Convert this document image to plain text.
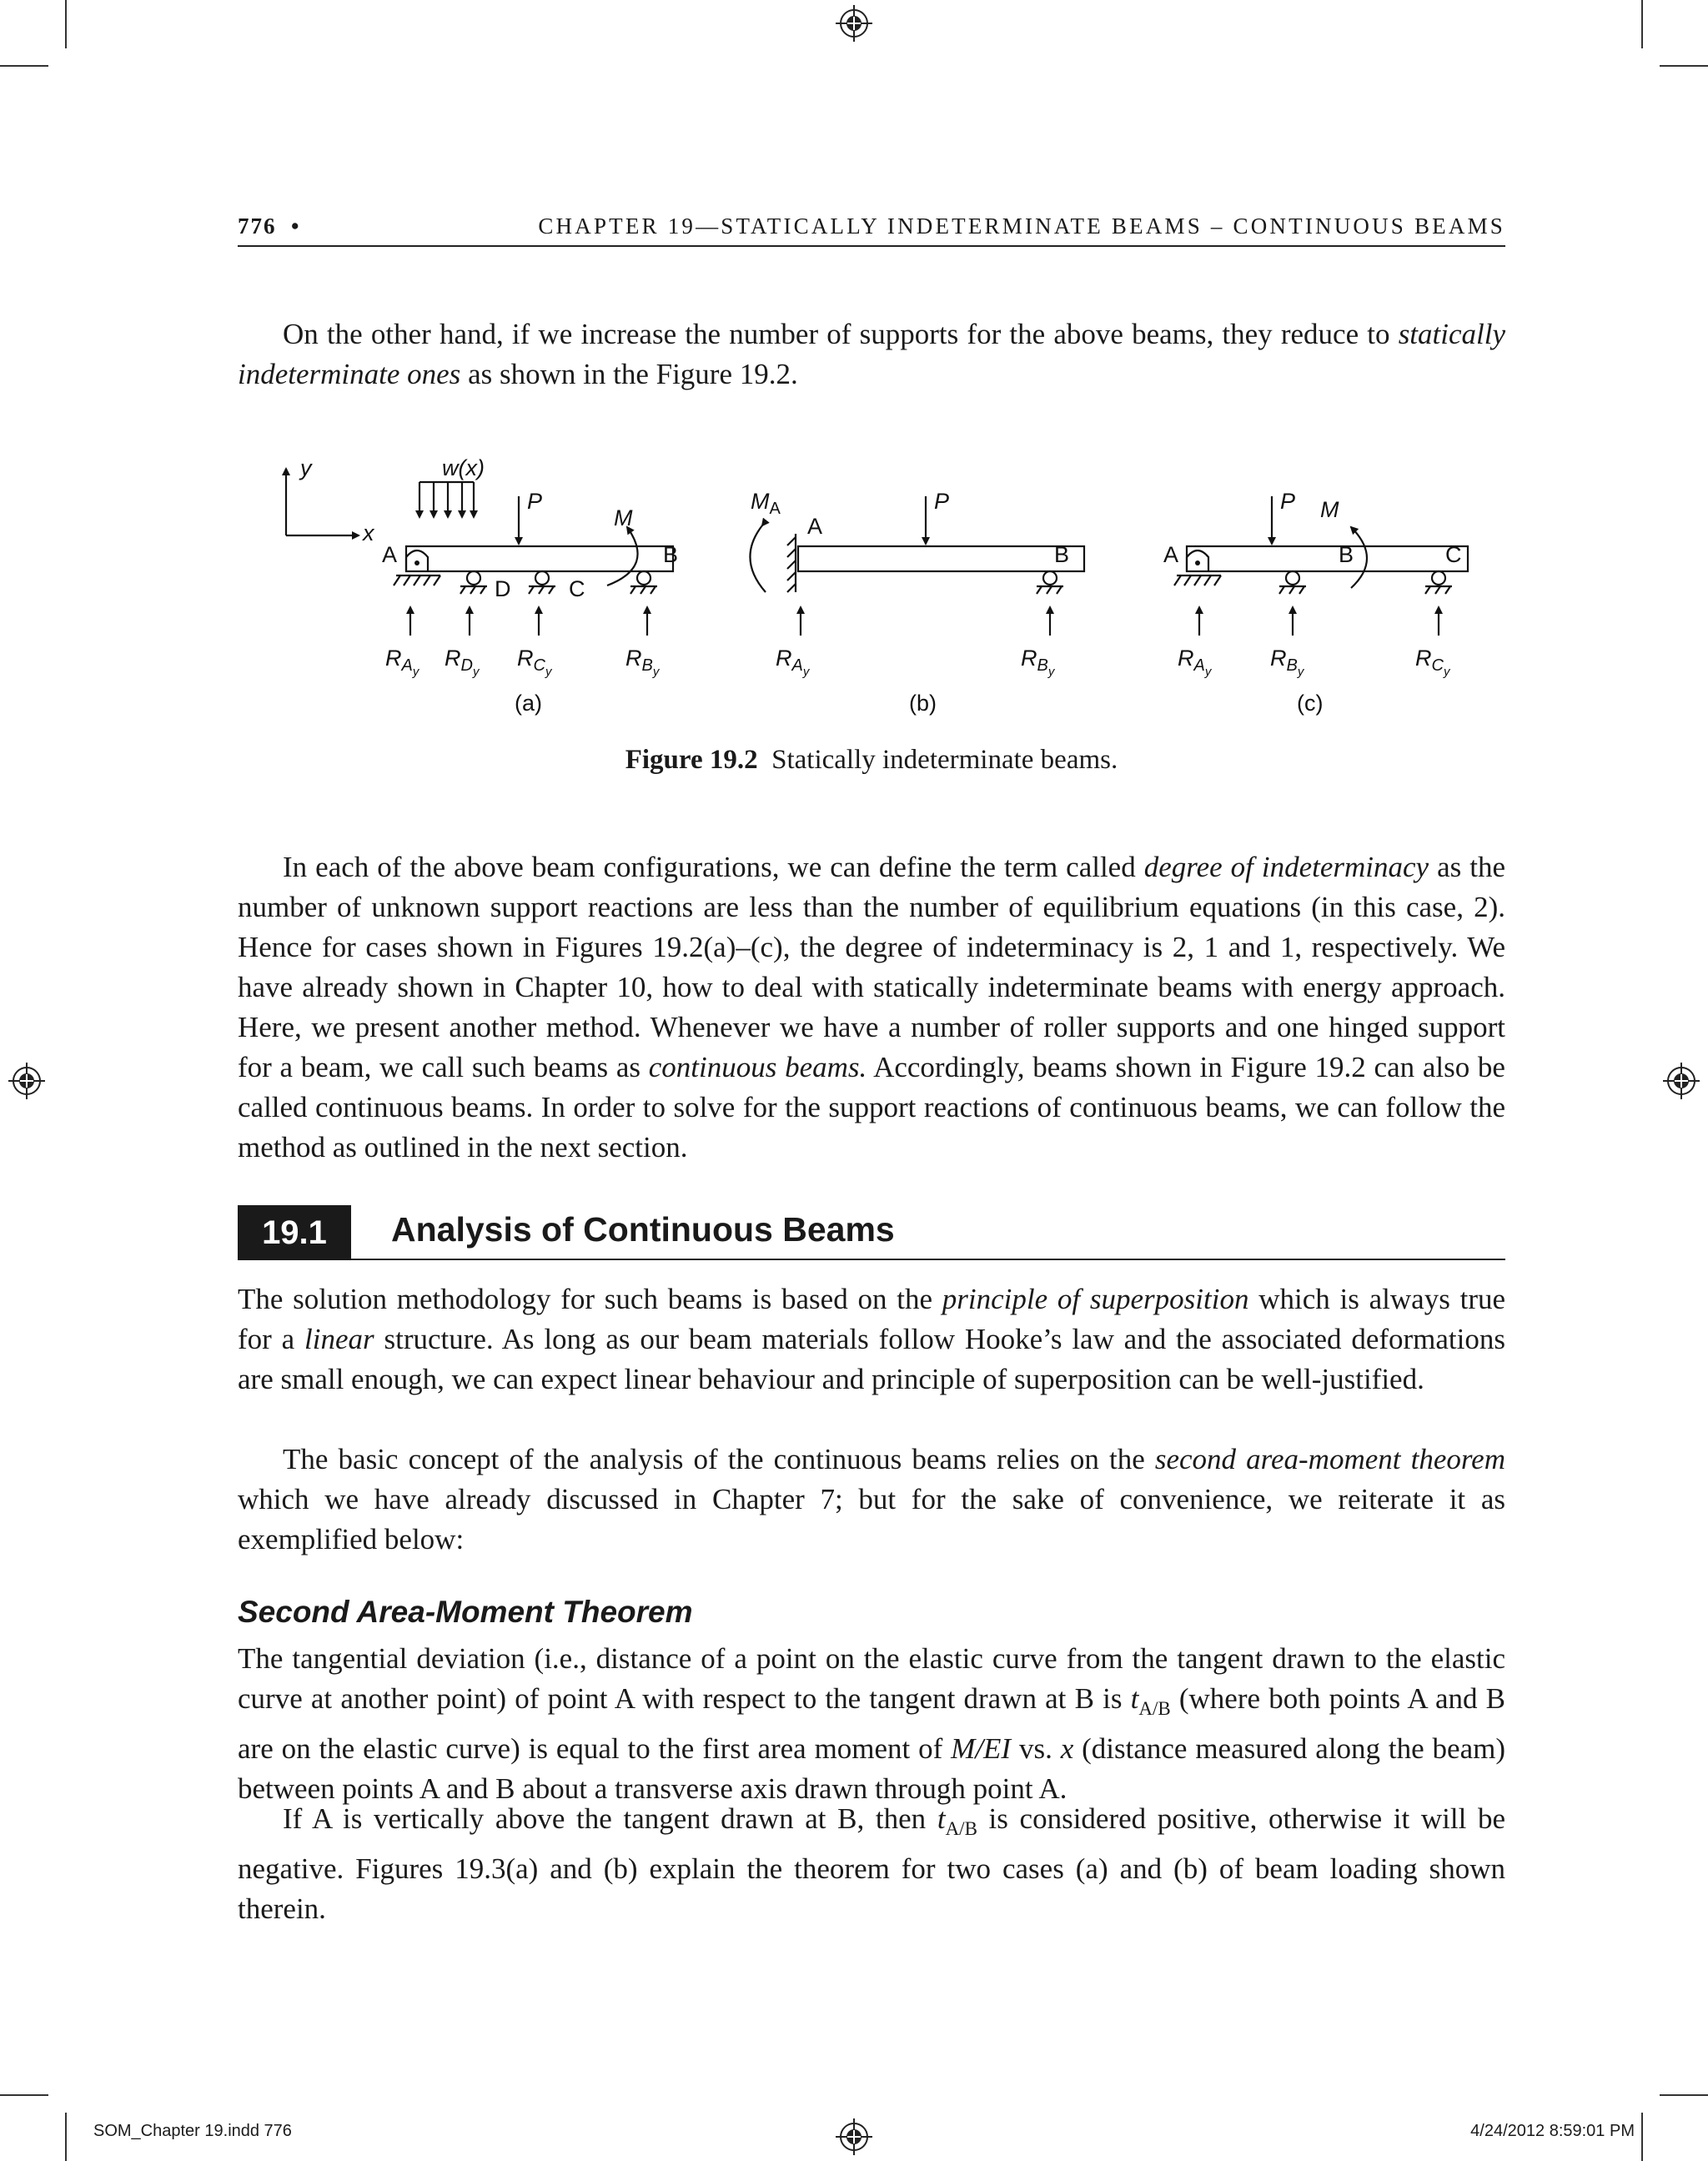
776 •	CHAPTER 19—STATICALLY INDETERMINATE BEAMS – CONTINUOUS BEAMS

On the other hand, if we increase the number of supports for the above beams, they reduce to statically indeterminate ones as shown in the Figure 19.2.

y
x
w(x)
P
M
A
D	C
B
$R_{Ay}$
$R_{Dy}$
$R_{Cy}$
$R_{By}$
(a)
$M_A$
A
P
B
$R_{Ay}$
$R_{By}$
(b)
A
P M
B	C
$R_{Ay}$
$R_{By}$
$R_{Cy}$
(c)
Figure 19.2 Statically indeterminate beams.

In each of the above beam configurations, we can define the term called degree of indeterminacy as the number of unknown support reactions are less than the number of equilibrium equations (in this case, 2). Hence for cases shown in Figures 19.2(a)–(c), the degree of indeterminacy is 2, 1 and 1, respectively. We have already shown in Chapter 10, how to deal with statically indeterminate beams with energy approach. Here, we present another method. Whenever we have a number of roller supports and one hinged support for a beam, we call such beams as continuous beams. Accordingly, beams shown in Figure 19.2 can also be called continuous beams. In order to solve for the support reactions of continuous beams, we can follow the method as outlined in the next section.

19.1	Analysis of Continuous Beams

The solution methodology for such beams is based on the principle of superposition which is always true for a linear structure. As long as our beam materials follow Hooke’s law and the associated deformations are small enough, we can expect linear behaviour and principle of superposition can be well-justified.

The basic concept of the analysis of the continuous beams relies on the second area-moment theorem which we have already discussed in Chapter 7; but for the sake of convenience, we reiterate it as exemplified below:

Second Area-Moment Theorem

The tangential deviation (i.e., distance of a point on the elastic curve from the tangent drawn to the elastic curve at another point) of point A with respect to the tangent drawn at B is $t_{A/B}$ (where both points A and B are on the elastic curve) is equal to the first area moment of M/EI vs. x (distance measured along the beam) between points A and B about a transverse axis drawn through point A.

If A is vertically above the tangent drawn at B, then $t_{A/B}$ is considered positive, otherwise it will be negative. Figures 19.3(a) and (b) explain the theorem for two cases (a) and (b) of beam loading shown therein.

SOM_Chapter 19.indd 776	4/24/2012 8:59:01 PM
